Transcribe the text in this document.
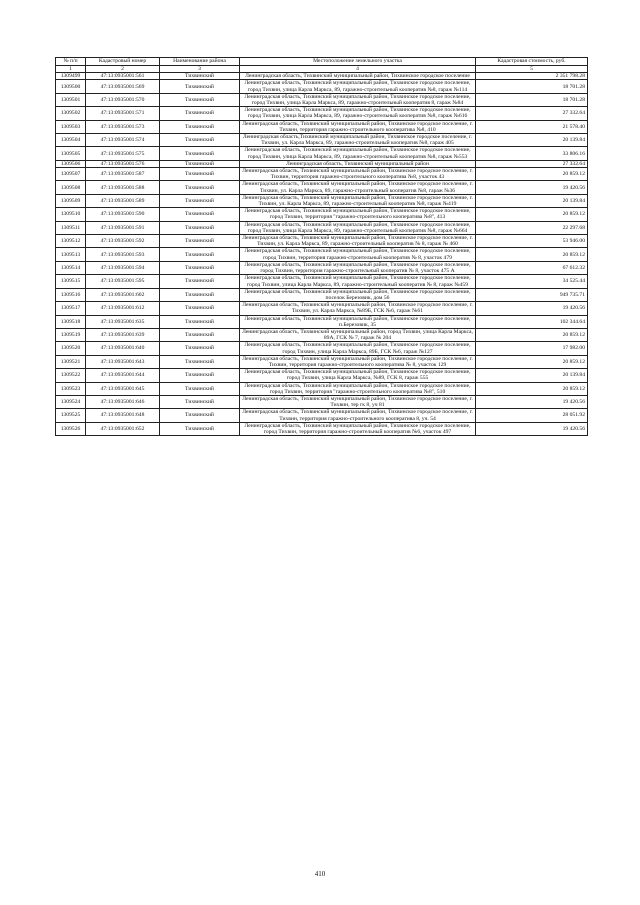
№ п/п	Кадастровый номер	Наименование района	Местоположение земельного участка	Кадастровая стоимость, руб.
1	2	3	4	5
1309499	47:13:0935001:561	Тихвинский	Ленинградская область, Тихвинский муниципальный район, Тихвинское городское поселение	2 351 798.28
1309500	47:13:0935001:569	Тихвинский	Ленинградская область, Тихвинский муниципальный район, Тихвинское городское поселение, город Тихвин, улица Карла Маркса, 89, гаражно-строительный кооператив №8, гараж №114	18 701.28
1309501	47:13:0935001:570	Тихвинский	Ленинградская область, Тихвинский муниципальный район, Тихвинское городское поселение, город Тихвин, улица Карла Маркса, 89, гаражно-строительный кооператив 8, гараж №84	18 701.28
1309502	47:13:0935001:571	Тихвинский	Ленинградская область, Тихвинский муниципальный район, Тихвинское городское поселение, город Тихвин, улица Карла Маркса, 89, гаражно-строительный кооператив №8, гараж №616	27 332.64
1309503	47:13:0935001:573	Тихвинский	Ленинградская область, Тихвинский муниципальный район, Тихвинское городское поселение, г. Тихвин, территория гаражно-строительного кооператива №8, 410	21 578.40
1309504	47:13:0935001:574	Тихвинский	Ленинградская область,Тихвинский муниципальный район, Тихвинское городское поселение, г. Тихвин, ул. Карла Маркса, 89, гаражно-строительный кооператив №8, гараж 405	20 139.84
1309505	47:13:0935001:575	Тихвинский	Ленинградская область, Тихвинский муниципальный район, Тихвинское городское поселение, город Тихвин, улица Карла Маркса, 89, гаражно-строительный кооператив №8, гараж №553	33 806.16
1309506	47:13:0935001:576	Тихвинский	Ленинградская область, Тихвинский муниципальный район	27 332.64
1309507	47:13:0935001:587	Тихвинский	Ленинградская область, Тихвинский муниципальный район, Тихвинское городское поселение, г. Тихвин, территория гаражно-строительного кооператива №8, участок 43	20 859.12
1309508	47:13:0935001:588	Тихвинский	Ленинградская область, Тихвинский муниципальный район, Тихвинское городское поселение, г. Тихвин, ул. Карла Маркса, 89, гаражно-строительный кооператив №8, гараж №36	19 420.56
1309509	47:13:0935001:589	Тихвинский	Ленинградская область, Тихвинский муниципальный район, Тихвинское городское поселение, г. Тихвин, ул. Карла Маркса, 89, гаражно-строительный кооператив №8, гараж №419	20 139.84
1309510	47:13:0935001:590	Тихвинский	Ленинградская область, Тихвинский муниципальный район, Тихвинское городское поселение, город Тихвин, территория "гаражно-строительного кооператива №8", 413	20 859.12
1309511	47:13:0935001:591	Тихвинский	Ленинградская область, Тихвинский муниципальный район, Тихвинское городское поселение, город Тихвин, улица Карла Маркса, 89, гаражно-строительный кооператив №8, гараж №664	22 297.68
1309512	47:13:0935001:592	Тихвинский	Ленинградская область, Тихвинский муниципальный район, Тихвинское городское поселение, г. Тихвин, ул. Карла Маркса, 89, гаражно-строительный кооператив № 8, гараж № 460	53 946.00
1309513	47:13:0935001:593	Тихвинский	Ленинградская область, Тихвинский муниципальный район, Тихвинское городское поселение, город Тихвин, территория гаражно-строительный кооператив № 8, участок 479	20 859.12
1309514	47:13:0935001:594	Тихвинский	Ленинградская область, Тихвинский муниципальный район, Тихвинское городское поселение, город Тихвин, территория гаражно-строительный кооператив № 8, участок 475 А	67 612.32
1309515	47:13:0935001:595	Тихвинский	Ленинградская область, Тихвинский муниципальный район, Тихвинское городское поселение, город Тихвин, улица Карла Маркса, 89, гаражно-строительный кооператив № 8, гараж №459	34 525.44
1309516	47:13:0935001:602	Тихвинский	Ленинградская область, Тихвинский муниципальный район, Тихвинское городское поселение, поселок Березовик, дом 56	949 735.71
1309517	47:13:0935001:612	Тихвинский	Ленинградская область, Тихвинский муниципальный район, Тихвинское городское поселение, г. Тихвин, ул. Карла Маркса, №89Б, ГСК №6, гараж №61	19 420.56
1309518	47:13:0935001:635	Тихвинский	Ленинградская область, Тихвинский муниципальный район, Тихвинское городское поселение, п.Березовик, 35	102 344.64
1309519	47:13:0935001:639	Тихвинский	Ленинградская область, Тихвинский муниципальный район, город Тихвин, улица Карла Маркса, 89А, ГСК № 7, гараж № 204	20 859.12
1309520	47:13:0935001:640	Тихвинский	Ленинградская область, Тихвинский муниципальный район, Тихвинское городское поселение, город Тихвин, улица Карла Маркса, 89Б, ГСК №6, гараж №127	17 982.00
1309521	47:13:0935001:643	Тихвинский	Ленинградская область, Тихвинский муниципальный район, Тихвинское городское поселение, г. Тихвин, территория гаражно-строительного кооператива № 8, участок 129	20 859.12
1309522	47:13:0935001:644	Тихвинский	Ленинградская область, Тихвинский муниципальный район, Тихвинское городское поселение, город Тихвин, улица Карла Маркса, №89, ГСК 8, гараж 555	20 139.84
1309523	47:13:0935001:645	Тихвинский	Ленинградская область, Тихвинский муниципальный район, Тихвинское городское поселение, город Тихвин, территория "гаражно-строительного кооператива №8", 510	20 859.12
1309524	47:13:0935001:646	Тихвинский	Ленинградская область, Тихвинский муниципальный район, Тихвинское городское поселение, г. Тихвин, тер гк 8, уч 81	19 420.56
1309525	47:13:0935001:648	Тихвинский	Ленинградская область, Тихвинский муниципальный район, Тихвинское городское поселение, г. Тихвин, территория гаражно-строительного кооператива 8, уч. 54	28 051.92
1309526	47:13:0935001:652	Тихвинский	Ленинградская область, Тихвинский муниципальный район, Тихвинское городское поселение, город Тихвин, территория гаражно-строительный кооператив №6, участок 497	19 420.56
410
